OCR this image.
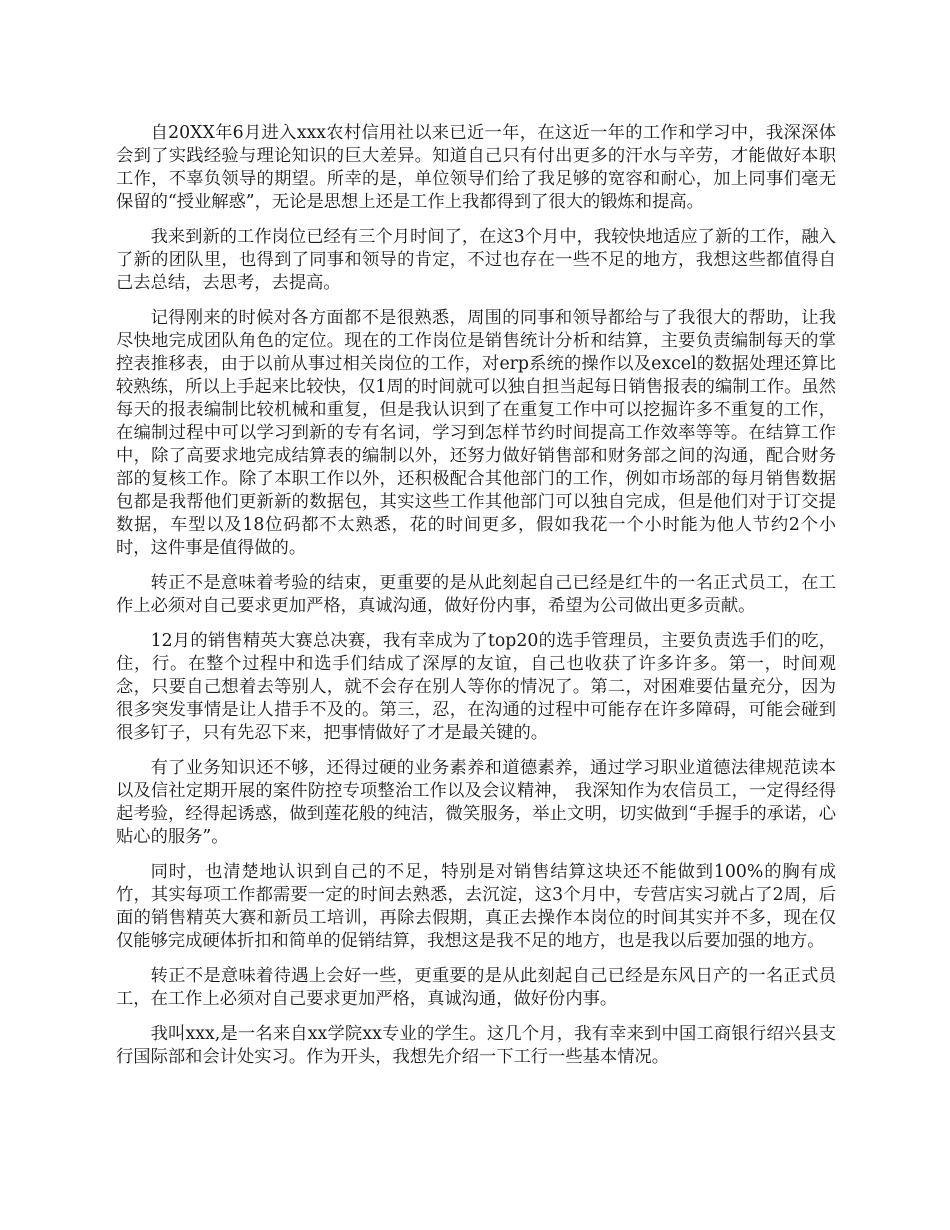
自20XX年6月进入xxx农村信用社以来已近一年，在这近一年的工作和学习中，我深深体会到了实践经验与理论知识的巨大差异。知道自己只有付出更多的汗水与辛劳，才能做好本职工作，不辜负领导的期望。所幸的是，单位领导们给了我足够的宽容和耐心，加上同事们毫无保留的“授业解惑”，无论是思想上还是工作上我都得到了很大的锻炼和提高。

我来到新的工作岗位已经有三个月时间了，在这3个月中，我较快地适应了新的工作，融入了新的团队里，也得到了同事和领导的肯定，不过也存在一些不足的地方，我想这些都值得自己去总结，去思考，去提高。

记得刚来的时候对各方面都不是很熟悉，周围的同事和领导都给与了我很大的帮助，让我尽快地完成团队角色的定位。现在的工作岗位是销售统计分析和结算，主要负责编制每天的掌控表推移表，由于以前从事过相关岗位的工作，对erp系统的操作以及excel的数据处理还算比较熟练，所以上手起来比较快，仅1周的时间就可以独自担当起每日销售报表的编制工作。虽然每天的报表编制比较机械和重复，但是我认识到了在重复工作中可以挖掘许多不重复的工作，在编制过程中可以学习到新的专有名词，学习到怎样节约时间提高工作效率等等。在结算工作中，除了高要求地完成结算表的编制以外，还努力做好销售部和财务部之间的沟通，配合财务部的复核工作。除了本职工作以外，还积极配合其他部门的工作，例如市场部的每月销售数据包都是我帮他们更新新的数据包，其实这些工作其他部门可以独自完成，但是他们对于订交提数据，车型以及18位码都不太熟悉，花的时间更多，假如我花一个小时能为他人节约2个小时，这件事是值得做的。

转正不是意味着考验的结束，更重要的是从此刻起自己已经是红牛的一名正式员工，在工作上必须对自己要求更加严格，真诚沟通，做好份内事，希望为公司做出更多贡献。

12月的销售精英大赛总决赛，我有幸成为了top20的选手管理员，主要负责选手们的吃，住，行。在整个过程中和选手们结成了深厚的友谊，自己也收获了许多许多。第一，时间观念，只要自己想着去等别人，就不会存在别人等你的情况了。第二，对困难要估量充分，因为很多突发事情是让人措手不及的。第三，忍，在沟通的过程中可能存在许多障碍，可能会碰到很多钉子，只有先忍下来，把事情做好了才是最关键的。

有了业务知识还不够，还得过硬的业务素养和道德素养，通过学习职业道德法律规范读本以及信社定期开展的案件防控专项整治工作以及会议精神， 我深知作为农信员工，一定得经得起考验，经得起诱惑，做到莲花般的纯洁，微笑服务，举止文明，切实做到“手握手的承诺，心贴心的服务”。

同时，也清楚地认识到自己的不足，特别是对销售结算这块还不能做到100%的胸有成竹，其实每项工作都需要一定的时间去熟悉，去沉淀，这3个月中，专营店实习就占了2周，后面的销售精英大赛和新员工培训，再除去假期，真正去操作本岗位的时间其实并不多，现在仅仅能够完成硬体折扣和简单的促销结算，我想这是我不足的地方，也是我以后要加强的地方。

转正不是意味着待遇上会好一些，更重要的是从此刻起自己已经是东风日产的一名正式员工，在工作上必须对自己要求更加严格，真诚沟通，做好份内事。

我叫xxx,是一名来自xx学院xx专业的学生。这几个月，我有幸来到中国工商银行绍兴县支行国际部和会计处实习。作为开头，我想先介绍一下工行一些基本情况。
